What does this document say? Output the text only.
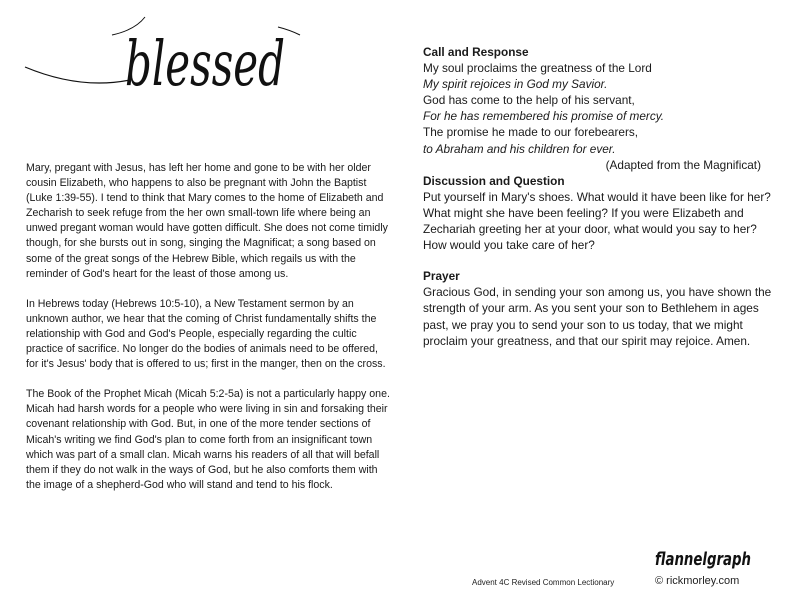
blessed

Mary, pregant with Jesus, has left her home and gone to be with her older cousin Elizabeth, who happens to also be pregnant with John the Baptist (Luke 1:39-55). I tend to think that Mary comes to the home of Elizabeth and Zecharish to seek refuge from the her own small-town life where being an unwed pregant woman would have gotten difficult. She does not come timidly though, for she bursts out in song, singing the Magnificat; a song based on some of the great songs of the Hebrew Bible, which regails us with the reminder of God's heart for the least of those among us.

In Hebrews today (Hebrews 10:5-10), a New Testament sermon by an unknown author, we hear that the coming of Christ fundamentally shifts the relationship with God and God's People, especially regarding the cultic practice of sacrifice. No longer do the bodies of animals need to be offered, for it's Jesus' body that is offered to us; first in the manger, then on the cross.

The Book of the Prophet Micah (Micah 5:2-5a) is not a particularly happy one. Micah had harsh words for a people who were living in sin and forsaking their covenant relationship with God. But, in one of the more tender sections of Micah's writing we find God's plan to come forth from an insignificant town which was part of a small clan. Micah warns his readers of all that will befall them if they do not walk in the ways of God, but he also comforts them with the image of a shepherd-God who will stand and tend to his flock.

Call and Response
My soul proclaims the greatness of the Lord
My spirit rejoices in God my Savior.
God has come to the help of his servant,
For he has remembered his promise of mercy.
The promise he made to our forebearers,
to Abraham and his children for ever.
(Adapted from the Magnificat)
Discussion and Question

Put yourself in Mary's shoes. What would it have been like for her? What might she have been feeling? If you were Elizabeth and Zechariah greeting her at your door, what would you say to her? How would you take care of her?

Prayer

Gracious God, in sending your son among us, you have shown the strength of your arm. As you sent your son to Bethlehem in ages past, we pray you to send your son to us today, that we might proclaim your greatness, and that our spirit may rejoice. Amen.

Advent 4C Revised Common Lectionary
flannelgraph
© rickmorley.com
